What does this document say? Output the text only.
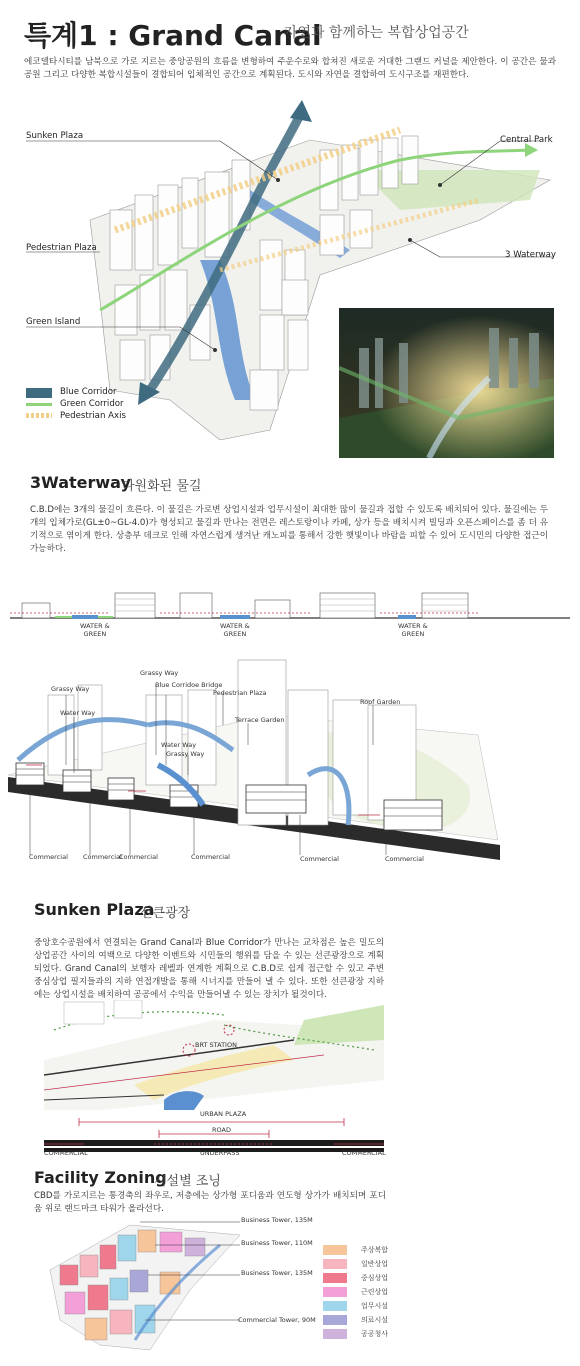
특계1 : Grand Canal
자연과 함께하는 복합상업공간
에코델타시티를 남북으로 가로 지르는 중앙공원의 흐름을 변형하여 주운수로와 합쳐진 새로운 거대한 그랜드 커널을 제안한다. 이 공간은 물과 공원 그리고 다양한 복합시설들이 결합되어 입체적인 공간으로 계획된다. 도시와 자연을 결합하여 도시구조를 재편한다.
Sunken Plaza	Central Park
Pedestrian Plaza
3 Waterway
Green Island
Blue Corridor
Green Corridor
Pedestrian Axis
3Waterway
다원화된 물길
C.B.D에는 3개의 물길이 흐른다. 이 물길은 가로변 상업시설과 업무시설이 최대한 많이 물길과 접할 수 있도록 배치되어 있다. 물길에는 두개의 입체가로(GL±0~GL-4.0)가 형성되고 물길과 만나는 전면은 레스토랑이나 카페, 상가 등을 배치시켜 빌딩과 오픈스페이스를 좀 더 유기적으로 엮이게 한다. 상층부 데크로 인해 자연스럽게 생겨난 캐노피를 통해서 강한 햇빛이나 바람을 피할 수 있어 도시민의 다양한 접근이 가능하다.
WATER &
GREEN
WATER &
GREEN
WATER &
GREEN
Grassy Way
Grassy Way	Blue Corridoe Bridge
Pedestrian Plaza
Water Way
Terrace Garden
Roof Garden
Water Way
Grassy Way
Commercial Commercial
Commercial	Commercial	Commercial	Commercial
Sunken Plaza
선큰광장
중앙호수공원에서 연결되는 Grand Canal과 Blue Corridor가 만나는 교차점은 높은 밀도의 상업공간 사이의 여백으로 다양한 이벤트와 시민들의 행위를 담을 수 있는 선큰광장으로 계획되었다. Grand Canal의 보행자 레벨과 연계한 계획으로 C.B.D로 쉽게 접근할 수 있고 주변 중심상업 필지들과의 지하 연접개발을 통해 시너지를 만들어 낼 수 있다. 또한 선큰광장 지하에는 상업시설을 배치하여 공공에서 수익을 만들어낼 수 있는 장치가 될것이다.
BRT STATION
URBAN PLAZA
ROAD
COMMERCIAL	UNDERPASS	COMMERCIAL
Facility Zoning
시설별 조닝
CBD를 가로지르는 통경축의 좌우로, 저층에는 상가형 포디움과 연도형 상가가 배치되며 포디움 위로 랜드마크 타워가 올라선다.
Business Tower, 135M
Business Tower, 110M
Business Tower, 135M
Commercial Tower, 90M
주상복합
일반상업
중심상업
근린상업
업무시설
의료시설
공공청사
